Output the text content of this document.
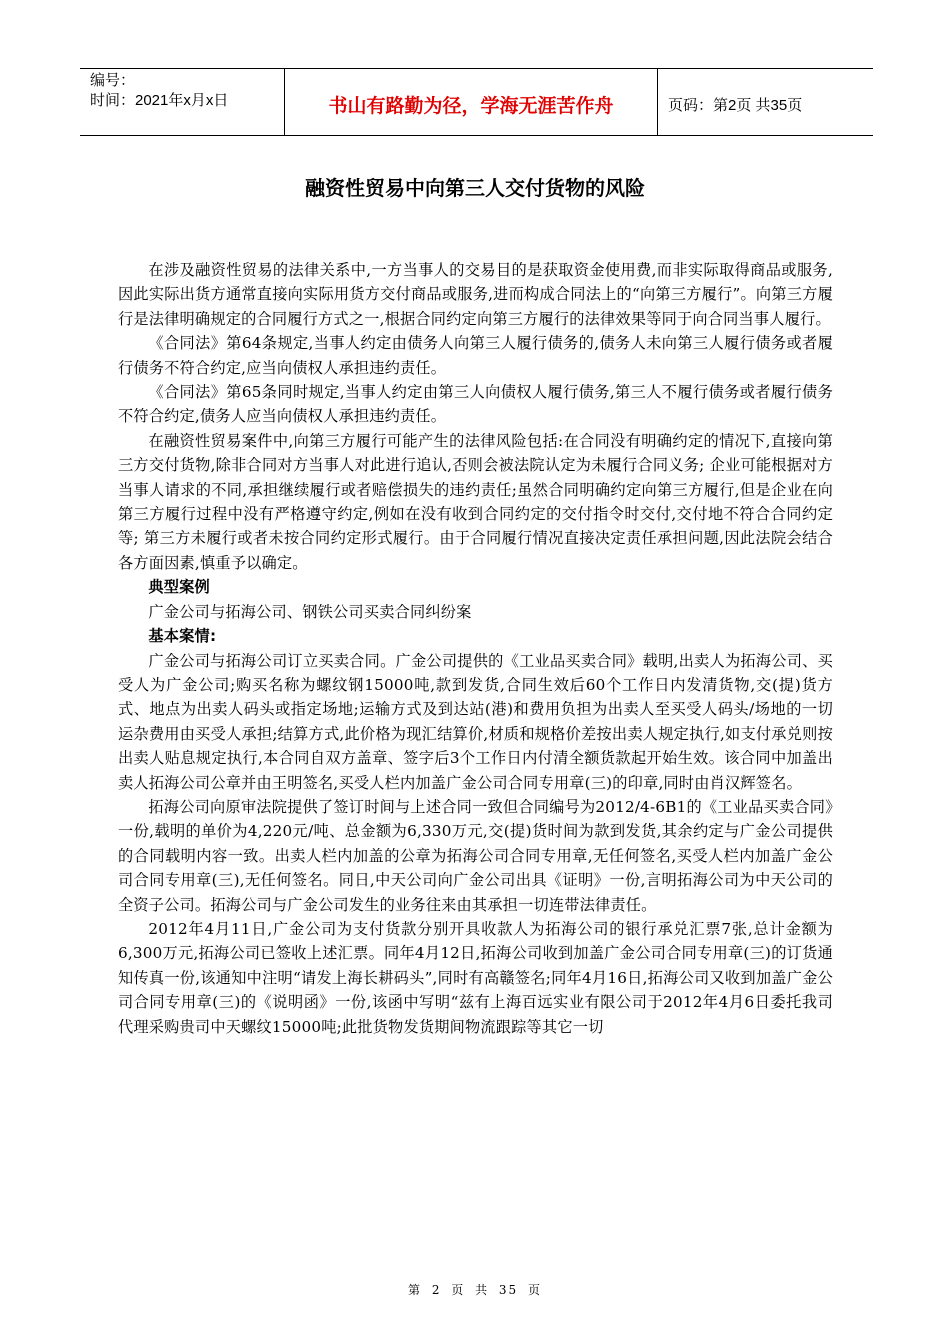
编号：
时间：2021年x月x日	书山有路勤为径，学海无涯苦作舟	页码：第2页 共35页
融资性贸易中向第三人交付货物的风险

在涉及融资性贸易的法律关系中,一方当事人的交易目的是获取资金使用费,而非实际取得商品或服务,因此实际出货方通常直接向实际用货方交付商品或服务,进而构成合同法上的“向第三方履行”。向第三方履行是法律明确规定的合同履行方式之一,根据合同约定向第三方履行的法律效果等同于向合同当事人履行。

《合同法》第64条规定,当事人约定由债务人向第三人履行债务的,债务人未向第三人履行债务或者履行债务不符合约定,应当向债权人承担违约责任。

《合同法》第65条同时规定,当事人约定由第三人向债权人履行债务,第三人不履行债务或者履行债务不符合约定,债务人应当向债权人承担违约责任。

在融资性贸易案件中,向第三方履行可能产生的法律风险包括:在合同没有明确约定的情况下,直接向第三方交付货物,除非合同对方当事人对此进行追认,否则会被法院认定为未履行合同义务; 企业可能根据对方当事人请求的不同,承担继续履行或者赔偿损失的违约责任;虽然合同明确约定向第三方履行,但是企业在向第三方履行过程中没有严格遵守约定,例如在没有收到合同约定的交付指令时交付,交付地不符合合同约定等; 第三方未履行或者未按合同约定形式履行。由于合同履行情况直接决定责任承担问题,因此法院会结合各方面因素,慎重予以确定。

典型案例

广金公司与拓海公司、钢铁公司买卖合同纠纷案

基本案情:

广金公司与拓海公司订立买卖合同。广金公司提供的《工业品买卖合同》载明,出卖人为拓海公司、买受人为广金公司;购买名称为螺纹钢15000吨,款到发货,合同生效后60个工作日内发清货物,交(提)货方式、地点为出卖人码头或指定场地;运输方式及到达站(港)和费用负担为出卖人至买受人码头/场地的一切运杂费用由买受人承担;结算方式,此价格为现汇结算价,材质和规格价差按出卖人规定执行,如支付承兑则按出卖人贴息规定执行,本合同自双方盖章、签字后3个工作日内付清全额货款起开始生效。该合同中加盖出卖人拓海公司公章并由王明签名,买受人栏内加盖广金公司合同专用章(三)的印章,同时由肖汉辉签名。

拓海公司向原审法院提供了签订时间与上述合同一致但合同编号为2012/4-6B1的《工业品买卖合同》一份,载明的单价为4,220元/吨、总金额为6,330万元,交(提)货时间为款到发货,其余约定与广金公司提供的合同载明内容一致。出卖人栏内加盖的公章为拓海公司合同专用章,无任何签名,买受人栏内加盖广金公司合同专用章(三),无任何签名。同日,中天公司向广金公司出具《证明》一份,言明拓海公司为中天公司的全资子公司。拓海公司与广金公司发生的业务往来由其承担一切连带法律责任。

2012年4月11日,广金公司为支付货款分别开具收款人为拓海公司的银行承兑汇票7张,总计金额为6,300万元,拓海公司已签收上述汇票。同年4月12日,拓海公司收到加盖广金公司合同专用章(三)的订货通知传真一份,该通知中注明“请发上海长耕码头”,同时有高赣签名;同年4月16日,拓海公司又收到加盖广金公司合同专用章(三)的《说明函》一份,该函中写明“兹有上海百远实业有限公司于2012年4月6日委托我司代理采购贵司中天螺纹15000吨;此批货物发货期间物流跟踪等其它一切

第 2 页 共 35 页
